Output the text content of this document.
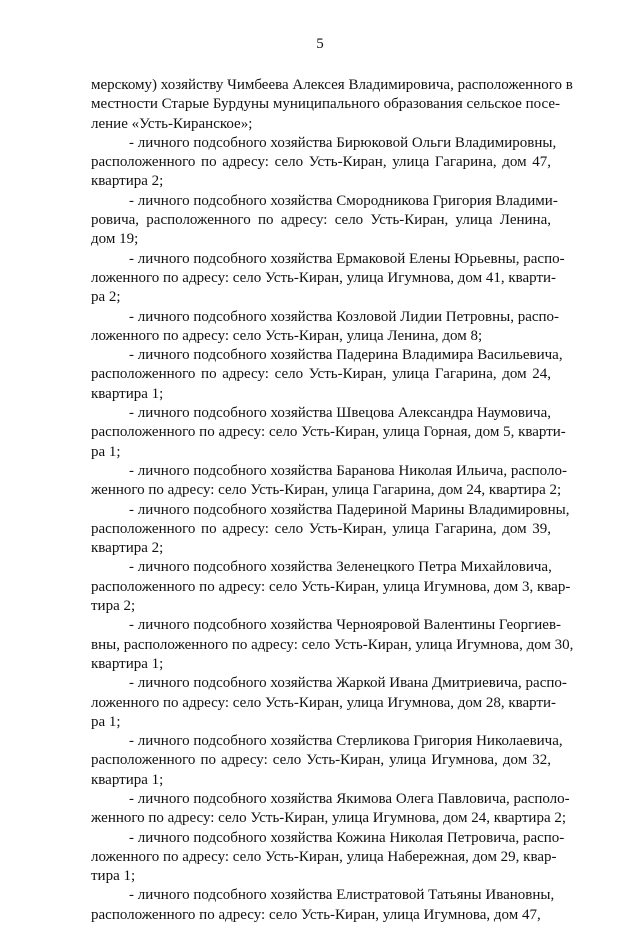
5

мерскому) хозяйству Чимбеева Алексея Владимировича, расположенного в
местности Старые Бурдуны муниципального образования сельское посе-
ление «Усть-Киранское»;

- личного подсобного хозяйства Бирюковой Ольги Владимировны,
расположенного по адресу: село Усть-Киран, улица Гагарина, дом 47,
квартира 2;

- личного подсобного хозяйства Смородникова Григория Владими-
ровича, расположенного по адресу: село Усть-Киран, улица Ленина,
дом 19;

- личного подсобного хозяйства Ермаковой Елены Юрьевны, распо-
ложенного по адресу: село Усть-Киран, улица Игумнова, дом 41, кварти-
ра 2;

- личного подсобного хозяйства Козловой Лидии Петровны, распо-
ложенного по адресу: село Усть-Киран, улица Ленина, дом 8;

- личного подсобного хозяйства Падерина Владимира Васильевича,
расположенного по адресу: село Усть-Киран, улица Гагарина, дом 24,
квартира 1;

- личного подсобного хозяйства Швецова Александра Наумовича,
расположенного по адресу: село Усть-Киран, улица Горная, дом 5, кварти-
ра 1;

- личного подсобного хозяйства Баранова Николая Ильича, располо-
женного по адресу: село Усть-Киран, улица Гагарина, дом 24, квартира 2;

- личного подсобного хозяйства Падериной Марины Владимировны,
расположенного по адресу: село Усть-Киран, улица Гагарина, дом 39,
квартира 2;

- личного подсобного хозяйства Зеленецкого Петра Михайловича,
расположенного по адресу: село Усть-Киран, улица Игумнова, дом 3, квар-
тира 2;

- личного подсобного хозяйства Чернояровой Валентины Георгиев-
вны, расположенного по адресу: село Усть-Киран, улица Игумнова, дом 30,
квартира 1;

- личного подсобного хозяйства Жаркой Ивана Дмитриевича, распо-
ложенного по адресу: село Усть-Киран, улица Игумнова, дом 28, кварти-
ра 1;

- личного подсобного хозяйства Стерликова Григория Николаевича,
расположенного по адресу: село Усть-Киран, улица Игумнова, дом 32,
квартира 1;

- личного подсобного хозяйства Якимова Олега Павловича, располо-
женного по адресу: село Усть-Киран, улица Игумнова, дом 24, квартира 2;

- личного подсобного хозяйства Кожина Николая Петровича, распо-
ложенного по адресу: село Усть-Киран, улица Набережная, дом 29, квар-
тира 1;

- личного подсобного хозяйства Елистратовой Татьяны Ивановны,
расположенного по адресу: село Усть-Киран, улица Игумнова, дом 47,
